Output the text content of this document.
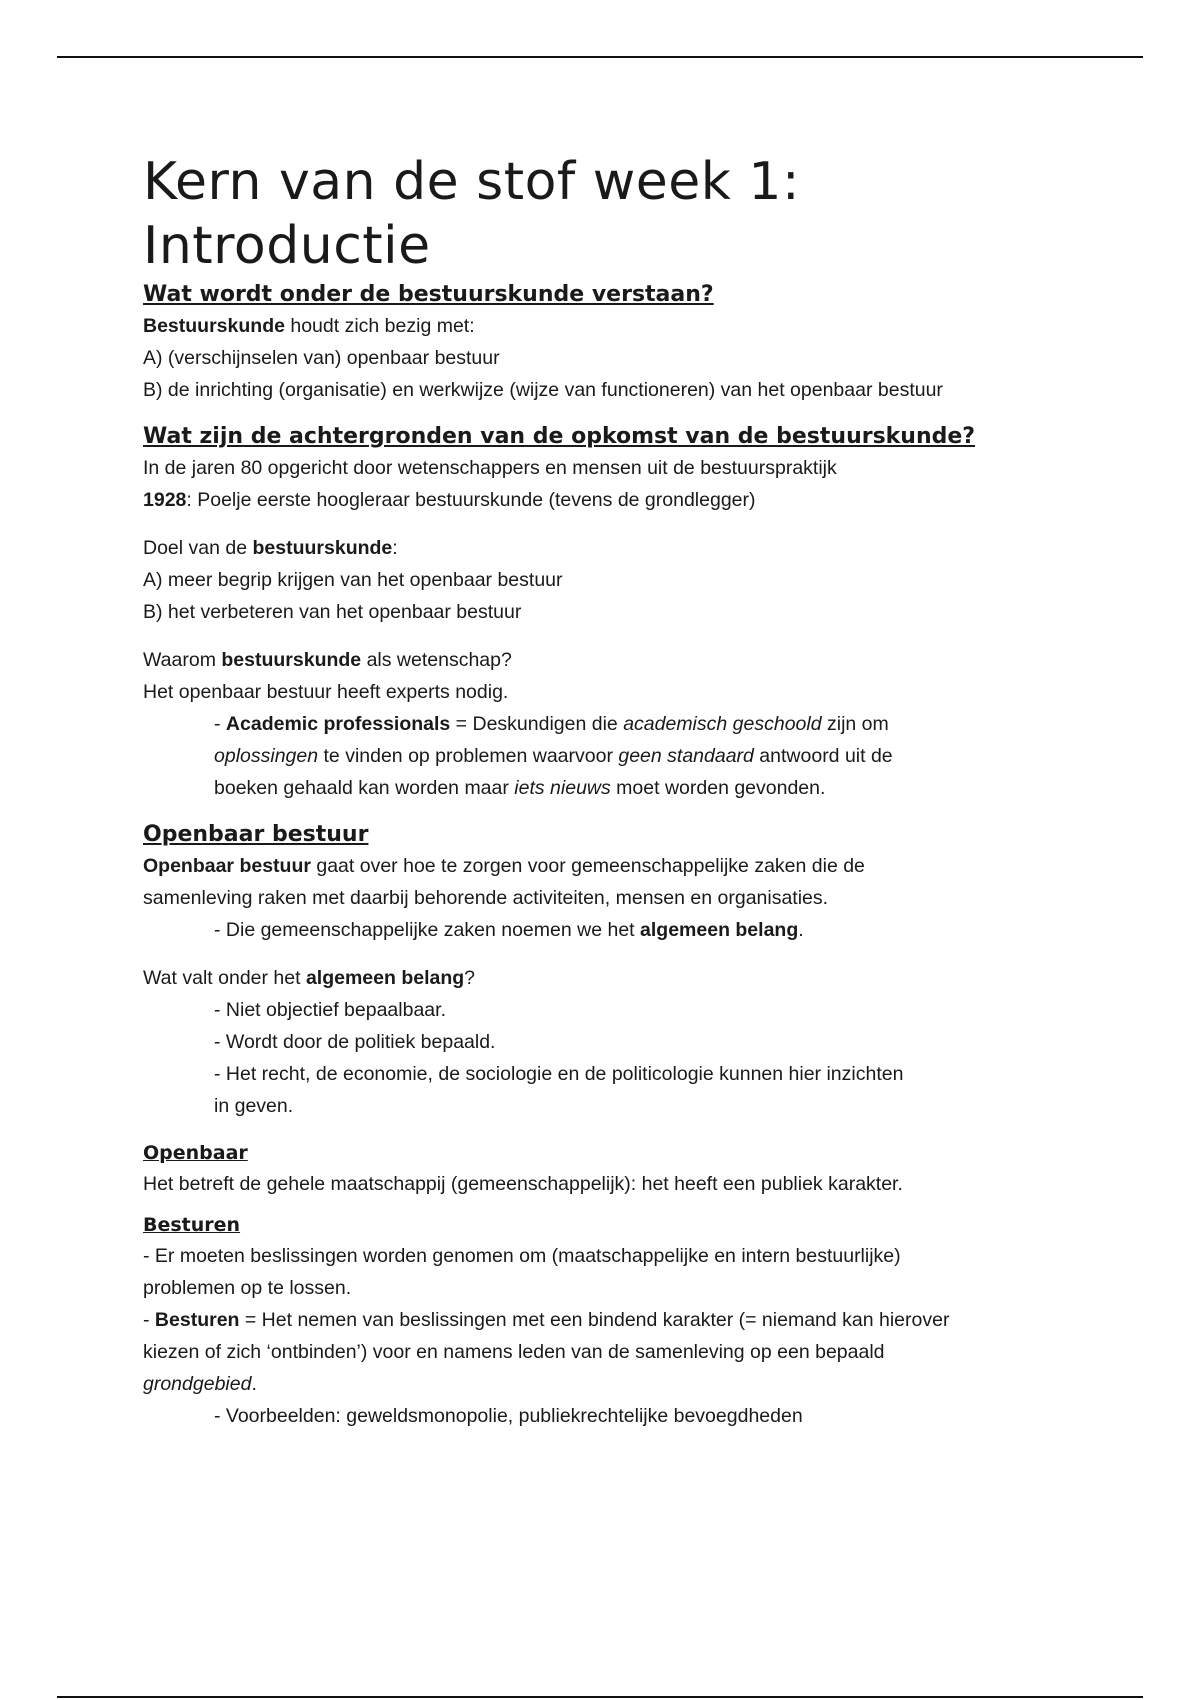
Kern van de stof week 1:
Introductie
Wat wordt onder de bestuurskunde verstaan?

Bestuurskunde houdt zich bezig met:

A) (verschijnselen van) openbaar bestuur

B) de inrichting (organisatie) en werkwijze (wijze van functioneren) van het openbaar bestuur

Wat zijn de achtergronden van de opkomst van de bestuurskunde?

In de jaren 80 opgericht door wetenschappers en mensen uit de bestuurspraktijk

1928: Poelje eerste hoogleraar bestuurskunde (tevens de grondlegger)

Doel van de bestuurskunde:

A) meer begrip krijgen van het openbaar bestuur

B) het verbeteren van het openbaar bestuur

Waarom bestuurskunde als wetenschap?

Het openbaar bestuur heeft experts nodig.

- Academic professionals = Deskundigen die academisch geschoold zijn om
oplossingen te vinden op problemen waarvoor geen standaard antwoord uit de
boeken gehaald kan worden maar iets nieuws moet worden gevonden.

Openbaar bestuur

Openbaar bestuur gaat over hoe te zorgen voor gemeenschappelijke zaken die de
samenleving raken met daarbij behorende activiteiten, mensen en organisaties.

- Die gemeenschappelijke zaken noemen we het algemeen belang.

Wat valt onder het algemeen belang?

- Niet objectief bepaalbaar.

- Wordt door de politiek bepaald.

- Het recht, de economie, de sociologie en de politicologie kunnen hier inzichten
in geven.

Openbaar

Het betreft de gehele maatschappij (gemeenschappelijk): het heeft een publiek karakter.

Besturen

- Er moeten beslissingen worden genomen om (maatschappelijke en intern bestuurlijke)
problemen op te lossen.

- Besturen = Het nemen van beslissingen met een bindend karakter (= niemand kan hierover
kiezen of zich ‘ontbinden’) voor en namens leden van de samenleving op een bepaald
grondgebied.

- Voorbeelden: geweldsmonopolie, publiekrechtelijke bevoegdheden
